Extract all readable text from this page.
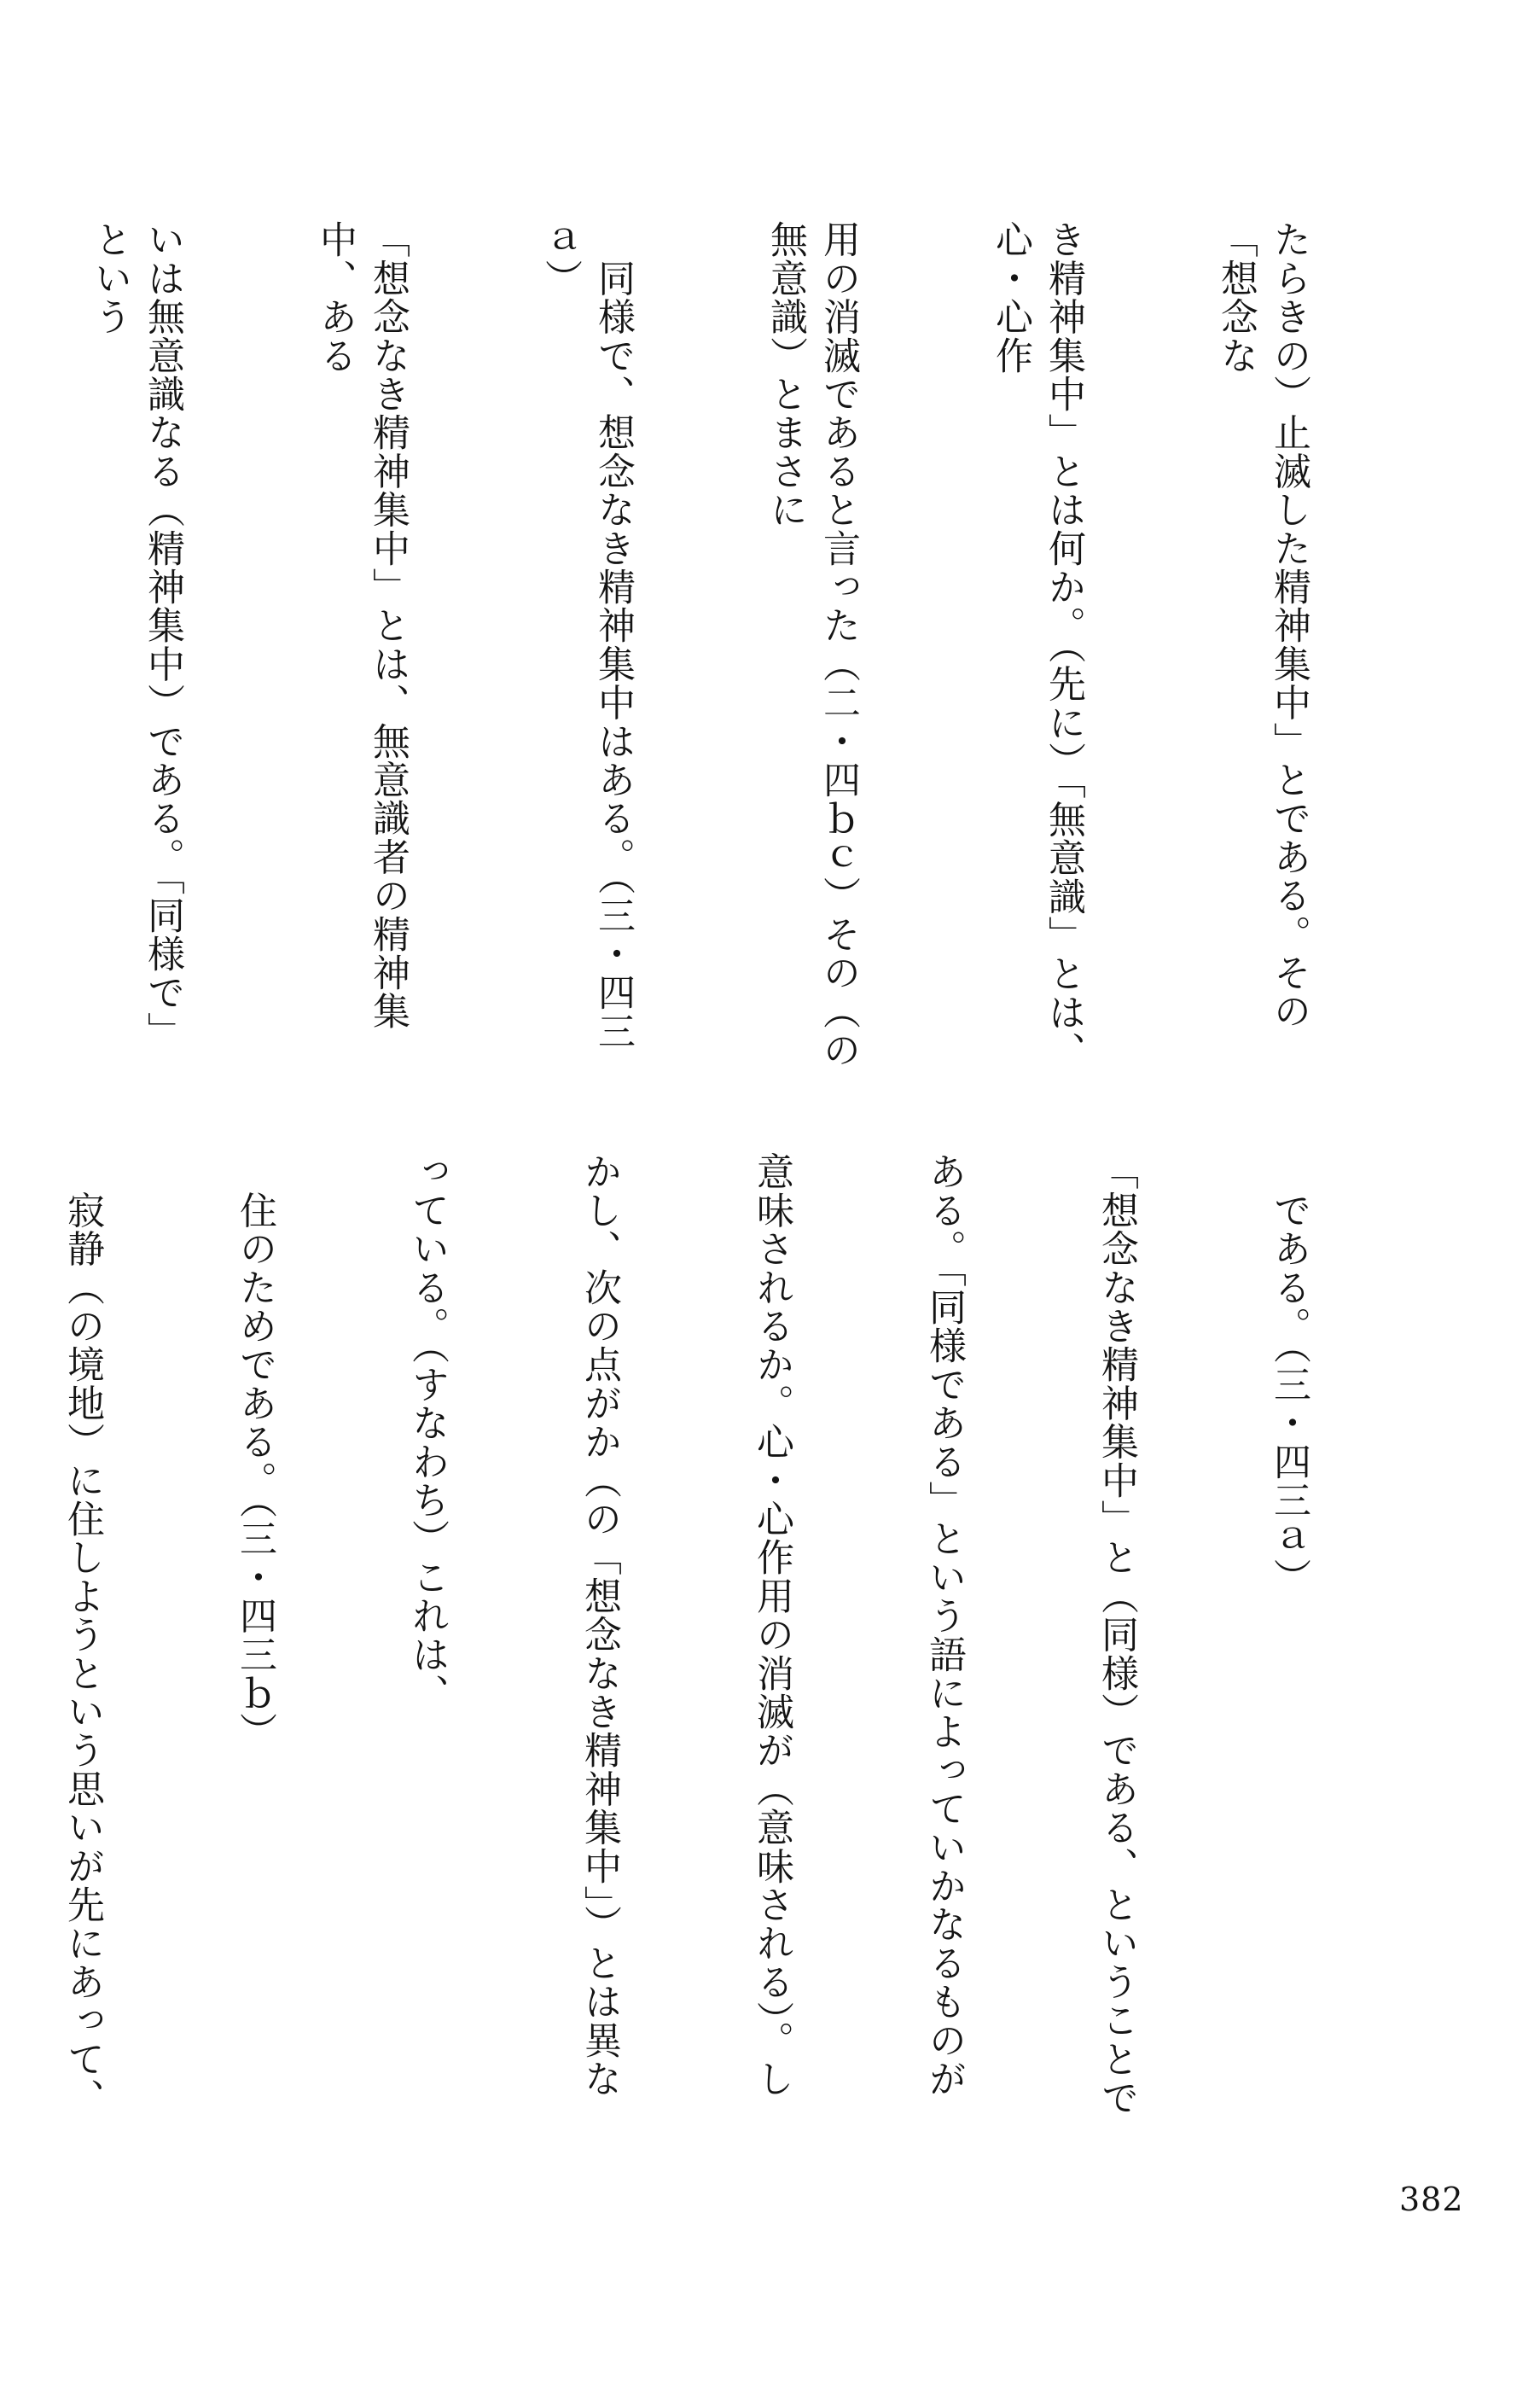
たらきの）止滅した精神集中」とである。その「想念な

き精神集中」とは何か。（先に）「無意識」とは、心・心作

用の消滅であると言った（二・四ｂｃ）その（の無意識）とまさに

　同様で、想念なき精神集中はある。（三・四三ａ）

「想念なき精神集中」とは、無意識者の精神集中、ある

いは無意識なる（精神集中）である。「同様で」という

　である。（三・四三ａ）

「想念なき精神集中」と（同様）である、ということで

ある。「同様である」という語によっていかなるものが

意味されるか。心・心作用の消滅が（意味される）。し

かし、次の点がか（の「想念なき精神集中」）とは異な

っている。（すなわち）これは、

　住のためである。（三・四三ｂ）

　寂静（の境地）に住しようという思いが先にあって、

382
